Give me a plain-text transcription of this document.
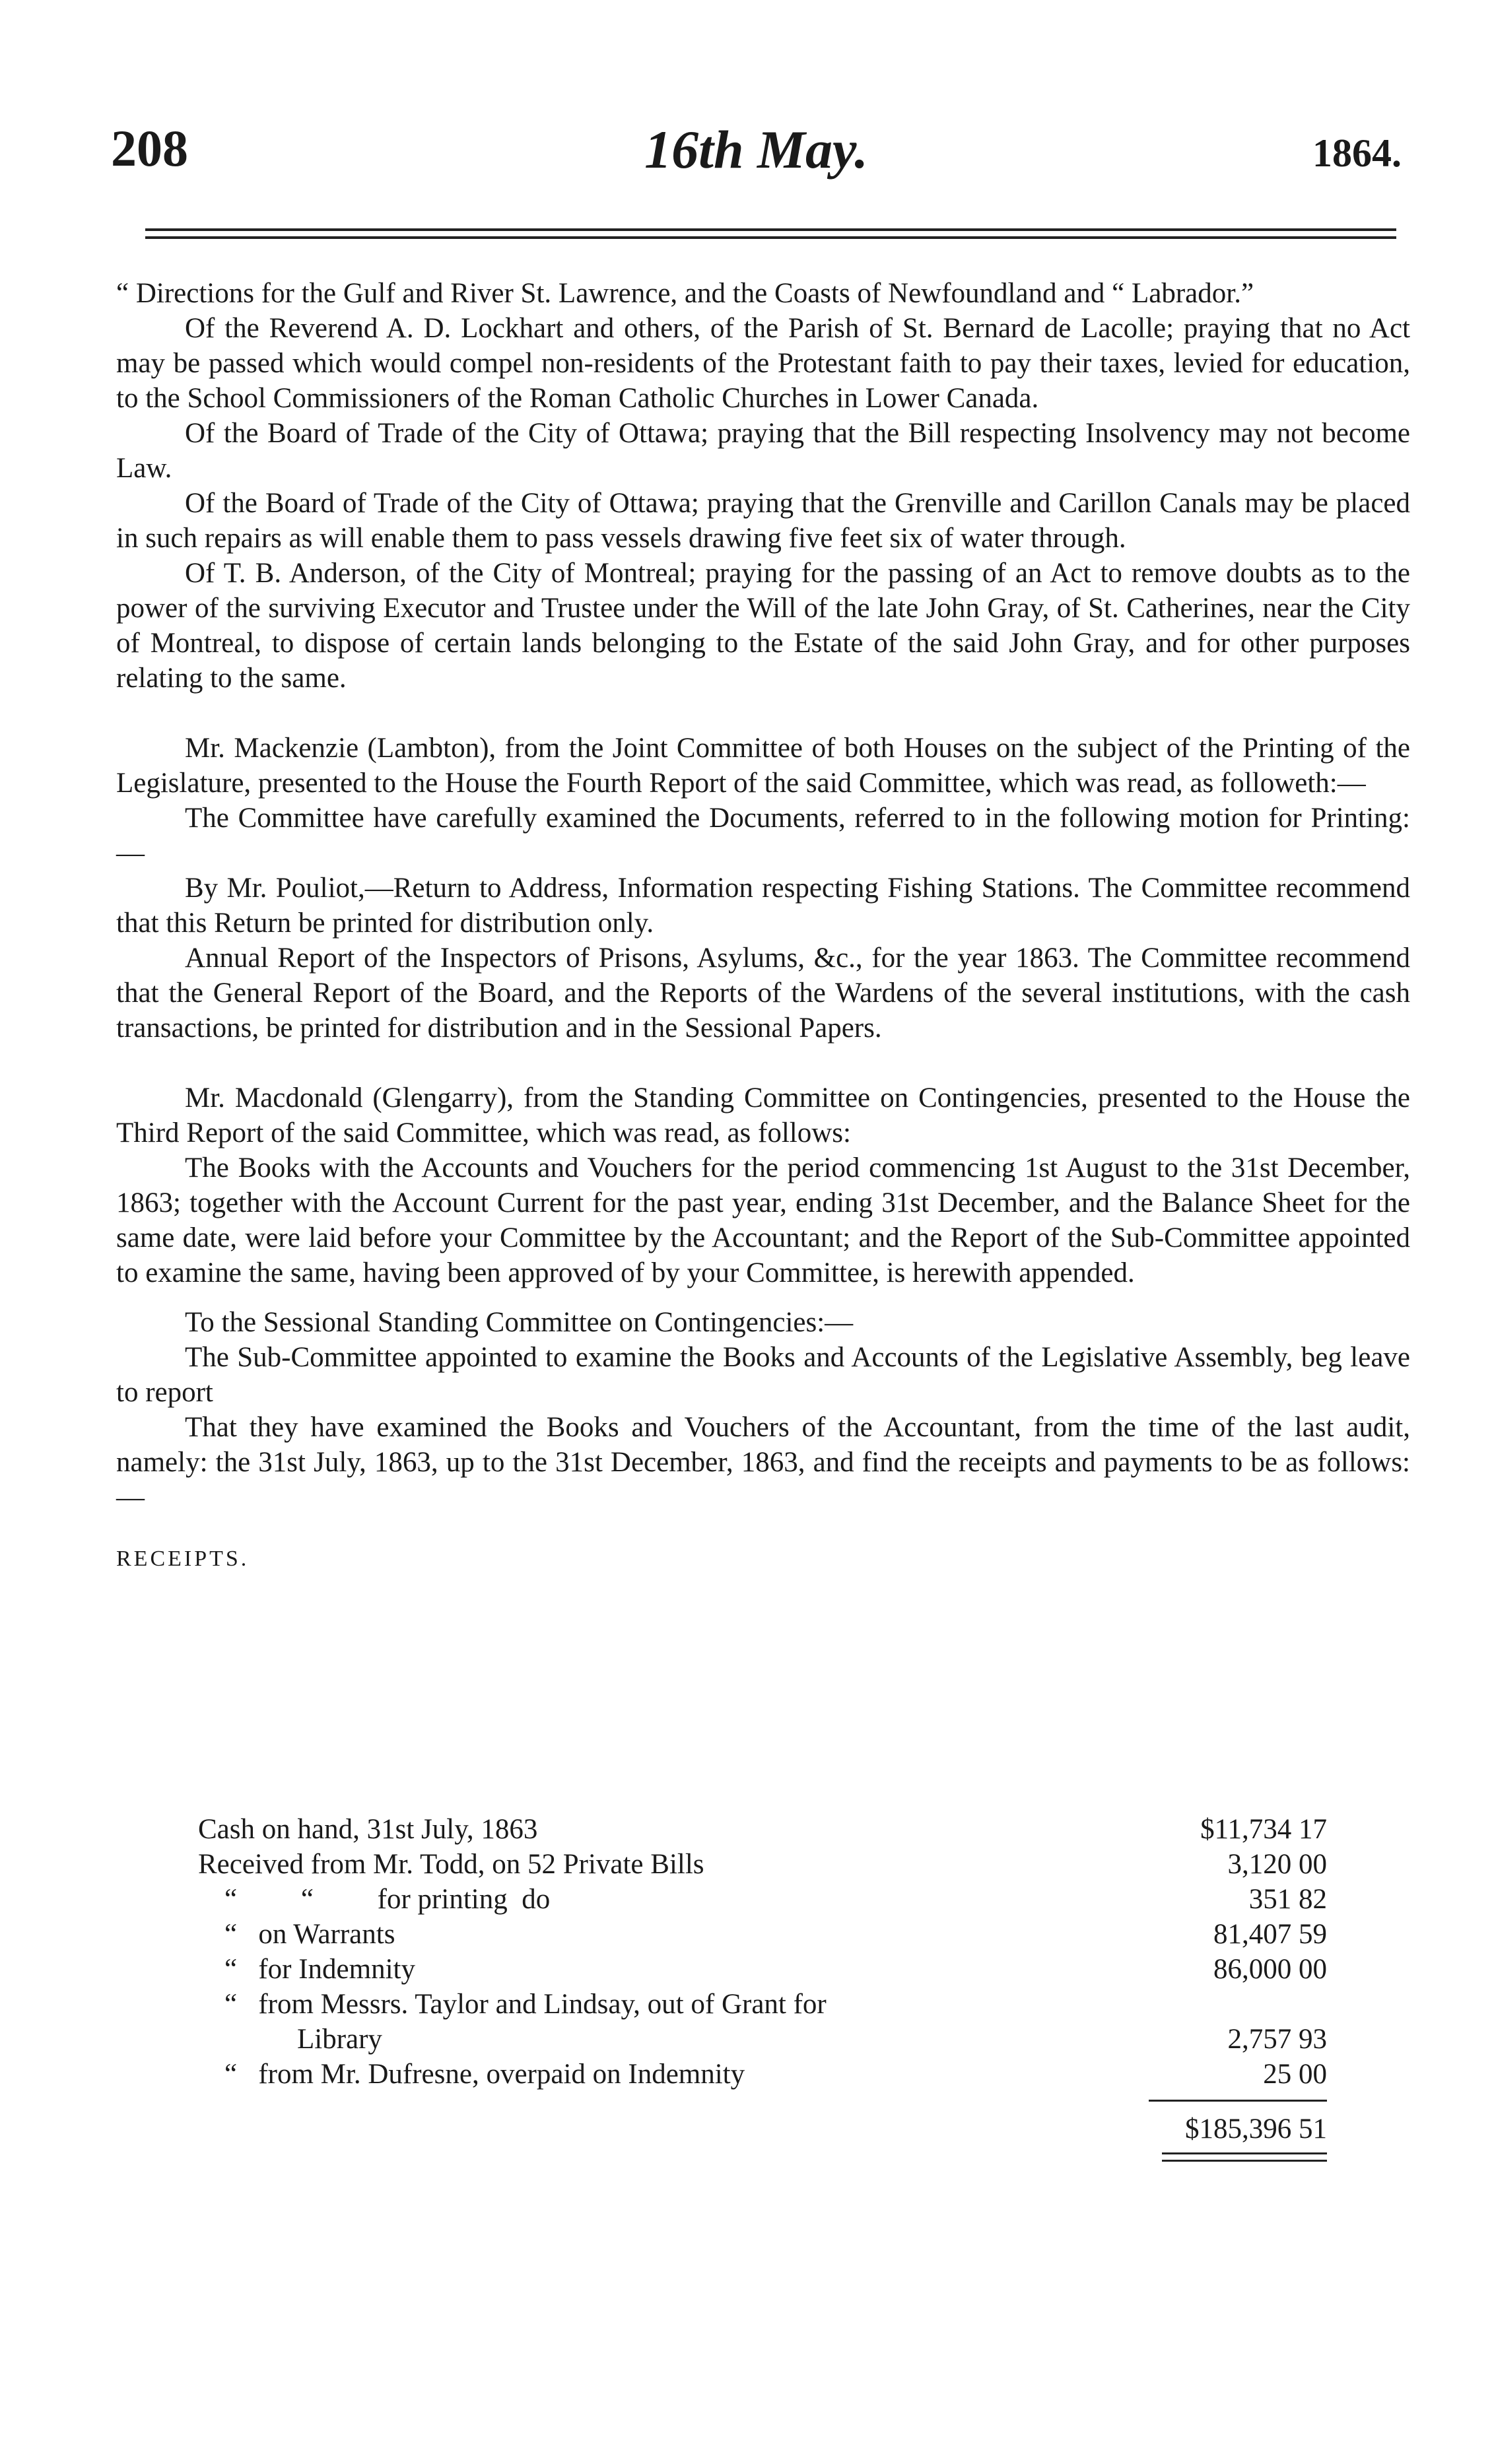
208	16th May.	1864.

“ Directions for the Gulf and River St. Lawrence, and the Coasts of Newfoundland and “ Labrador.”

Of the Reverend A. D. Lockhart and others, of the Parish of St. Bernard de Lacolle; praying that no Act may be passed which would compel non-residents of the Protestant faith to pay their taxes, levied for education, to the School Commissioners of the Roman Catholic Churches in Lower Canada.

Of the Board of Trade of the City of Ottawa; praying that the Bill respecting Insolvency may not become Law.

Of the Board of Trade of the City of Ottawa; praying that the Grenville and Carillon Canals may be placed in such repairs as will enable them to pass vessels drawing five feet six of water through.

Of T. B. Anderson, of the City of Montreal; praying for the passing of an Act to remove doubts as to the power of the surviving Executor and Trustee under the Will of the late John Gray, of St. Catherines, near the City of Montreal, to dispose of certain lands belonging to the Estate of the said John Gray, and for other purposes relating to the same.

Mr. Mackenzie (Lambton), from the Joint Committee of both Houses on the subject of the Printing of the Legislature, presented to the House the Fourth Report of the said Committee, which was read, as followeth:—

The Committee have carefully examined the Documents, referred to in the following motion for Printing:—

By Mr. Pouliot,—Return to Address, Information respecting Fishing Stations. The Committee recommend that this Return be printed for distribution only.

Annual Report of the Inspectors of Prisons, Asylums, &c., for the year 1863. The Committee recommend that the General Report of the Board, and the Reports of the Wardens of the several institutions, with the cash transactions, be printed for distribution and in the Sessional Papers.

Mr. Macdonald (Glengarry), from the Standing Committee on Contingencies, presented to the House the Third Report of the said Committee, which was read, as follows:

The Books with the Accounts and Vouchers for the period commencing 1st August to the 31st December, 1863; together with the Account Current for the past year, ending 31st December, and the Balance Sheet for the same date, were laid before your Committee by the Accountant; and the Report of the Sub-Committee appointed to examine the same, having been approved of by your Committee, is herewith appended.

To the Sessional Standing Committee on Contingencies:—

The Sub-Committee appointed to examine the Books and Accounts of the Legislative Assembly, beg leave to report

That they have examined the Books and Vouchers of the Accountant, from the time of the last audit, namely: the 31st July, 1863, up to the 31st December, 1863, and find the receipts and payments to be as follows:—

RECEIPTS.

Cash on hand, 31st July, 1863	$11,734 17
Received from Mr. Todd, on 52 Private Bills	3,120 00
“         “         for printing  do	351 82
“   on Warrants	81,407 59
“   for Indemnity	86,000 00
“   from Messrs. Taylor and Lindsay, out of Grant for
Library	2,757 93
“   from Mr. Dufresne, overpaid on Indemnity	25 00
$185,396 51
